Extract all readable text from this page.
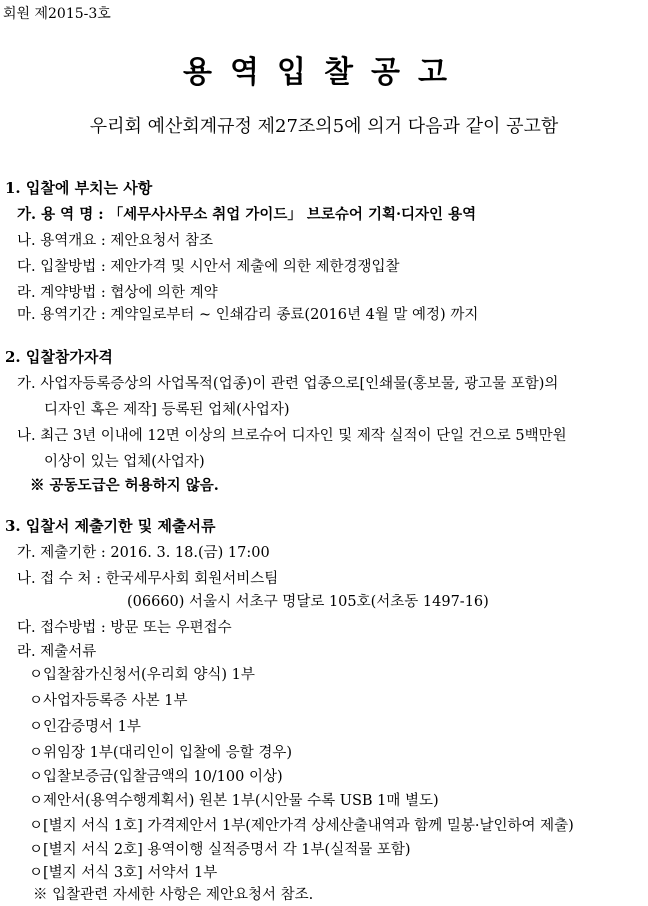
회원 제2015-3호
용역입찰공고
우리회 예산회계규정 제27조의5에 의거 다음과 같이 공고함
1. 입찰에 부치는 사항
가. 용 역 명 : 「세무사사무소 취업 가이드」 브로슈어 기획·디자인 용역
나. 용역개요 : 제안요청서 참조
다. 입찰방법 : 제안가격 및 시안서 제출에 의한 제한경쟁입찰
라. 계약방법 : 협상에 의한 계약
마. 용역기간 : 계약일로부터 ~ 인쇄감리 종료(2016년 4월 말 예정) 까지
2. 입찰참가자격
가. 사업자등록증상의 사업목적(업종)이 관련 업종으로[인쇄물(홍보물, 광고물 포함)의
디자인 혹은 제작] 등록된 업체(사업자)
나. 최근 3년 이내에 12면 이상의 브로슈어 디자인 및 제작 실적이 단일 건으로 5백만원
이상이 있는 업체(사업자)
※ 공동도급은 허용하지 않음.
3. 입찰서 제출기한 및 제출서류
가. 제출기한 : 2016. 3. 18.(금) 17:00
나. 접 수 처 : 한국세무사회 회원서비스팀
(06660) 서울시 서초구 명달로 105호(서초동 1497-16)
다. 접수방법 : 방문 또는 우편접수
라. 제출서류
ㅇ입찰참가신청서(우리회 양식) 1부
ㅇ사업자등록증 사본 1부
ㅇ인감증명서 1부
ㅇ위임장 1부(대리인이 입찰에 응할 경우)
ㅇ입찰보증금(입찰금액의 10/100 이상)
ㅇ제안서(용역수행계획서) 원본 1부(시안물 수록 USB 1매 별도)
ㅇ[별지 서식 1호] 가격제안서 1부(제안가격 상세산출내역과 함께 밀봉·날인하여 제출)
ㅇ[별지 서식 2호] 용역이행 실적증명서 각 1부(실적물 포함)
ㅇ[별지 서식 3호] 서약서 1부
※ 입찰관련 자세한 사항은 제안요청서 참조.
